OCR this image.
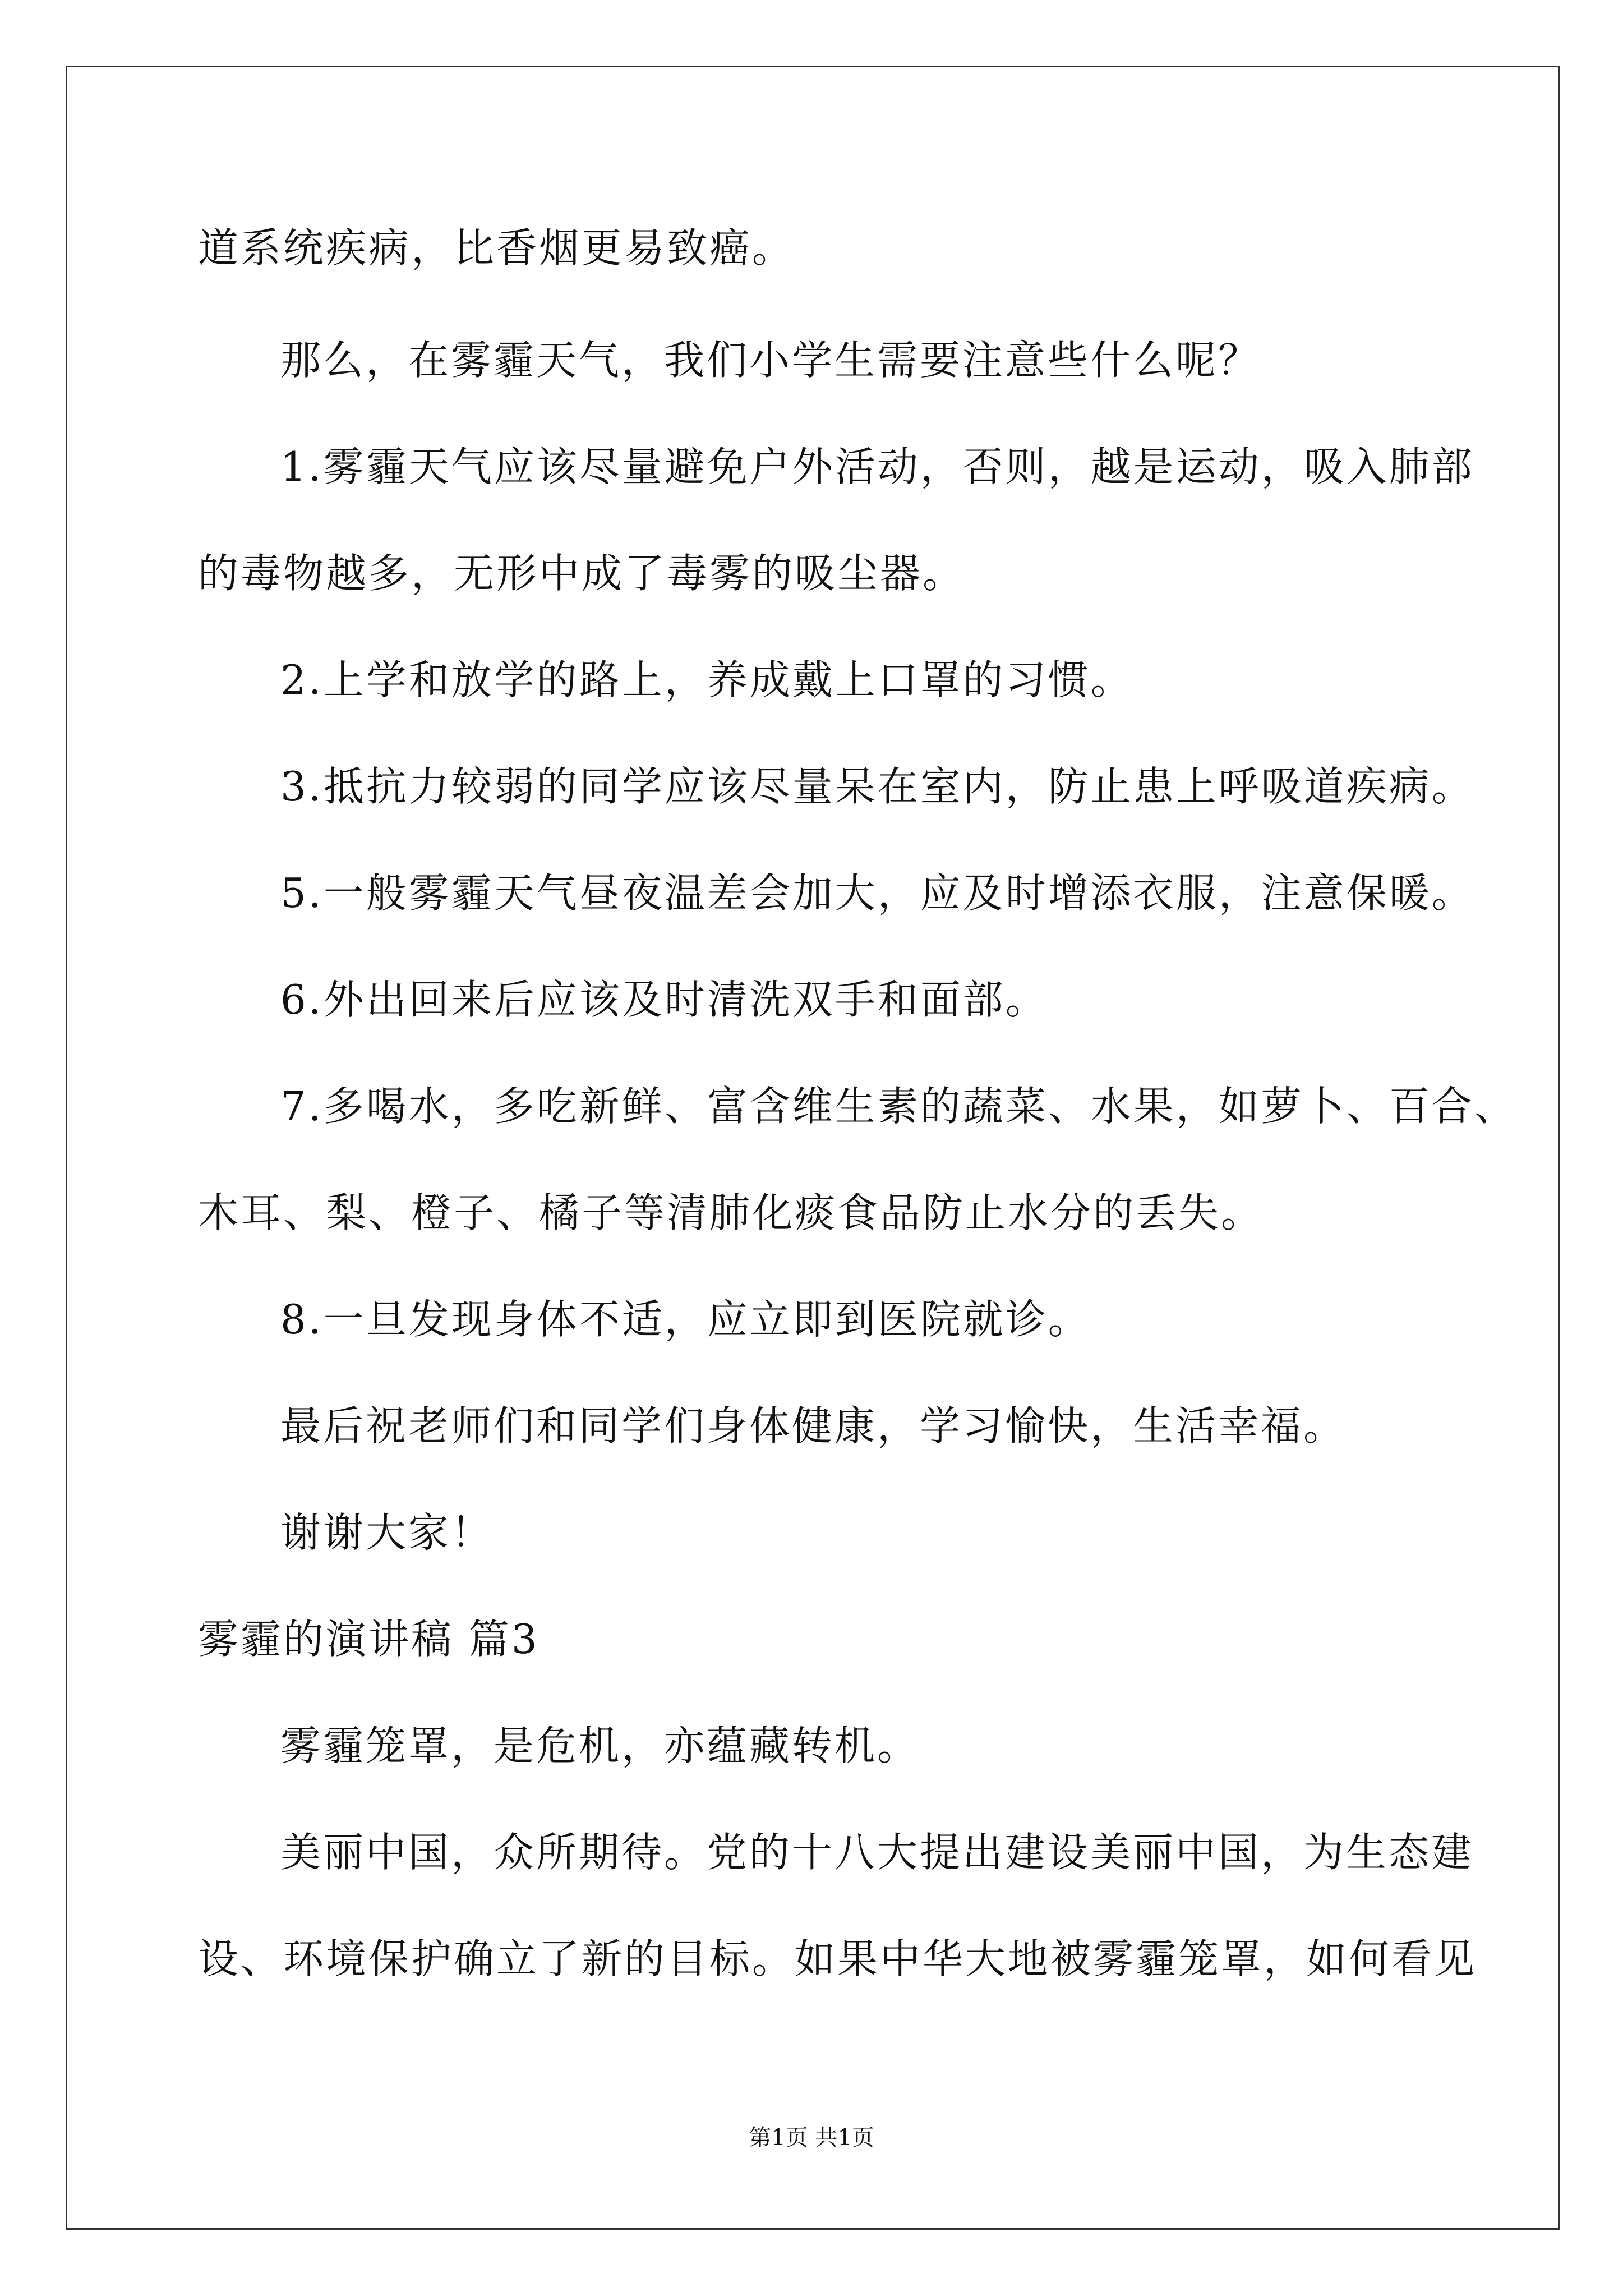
道系统疾病，比香烟更易致癌。
那么，在雾霾天气，我们小学生需要注意些什么呢？
1.雾霾天气应该尽量避免户外活动，否则，越是运动，吸入肺部
的毒物越多，无形中成了毒雾的吸尘器。
2.上学和放学的路上，养成戴上口罩的习惯。
3.抵抗力较弱的同学应该尽量呆在室内，防止患上呼吸道疾病。
5.一般雾霾天气昼夜温差会加大，应及时增添衣服，注意保暖。
6.外出回来后应该及时清洗双手和面部。
7.多喝水，多吃新鲜、富含维生素的蔬菜、水果，如萝卜、百合、
木耳、梨、橙子、橘子等清肺化痰食品防止水分的丢失。
8.一旦发现身体不适，应立即到医院就诊。
最后祝老师们和同学们身体健康，学习愉快，生活幸福。
谢谢大家！
雾霾的演讲稿 篇3
雾霾笼罩，是危机，亦蕴藏转机。
美丽中国，众所期待。党的十八大提出建设美丽中国，为生态建
设、环境保护确立了新的目标。如果中华大地被雾霾笼罩，如何看见
第1页 共1页
